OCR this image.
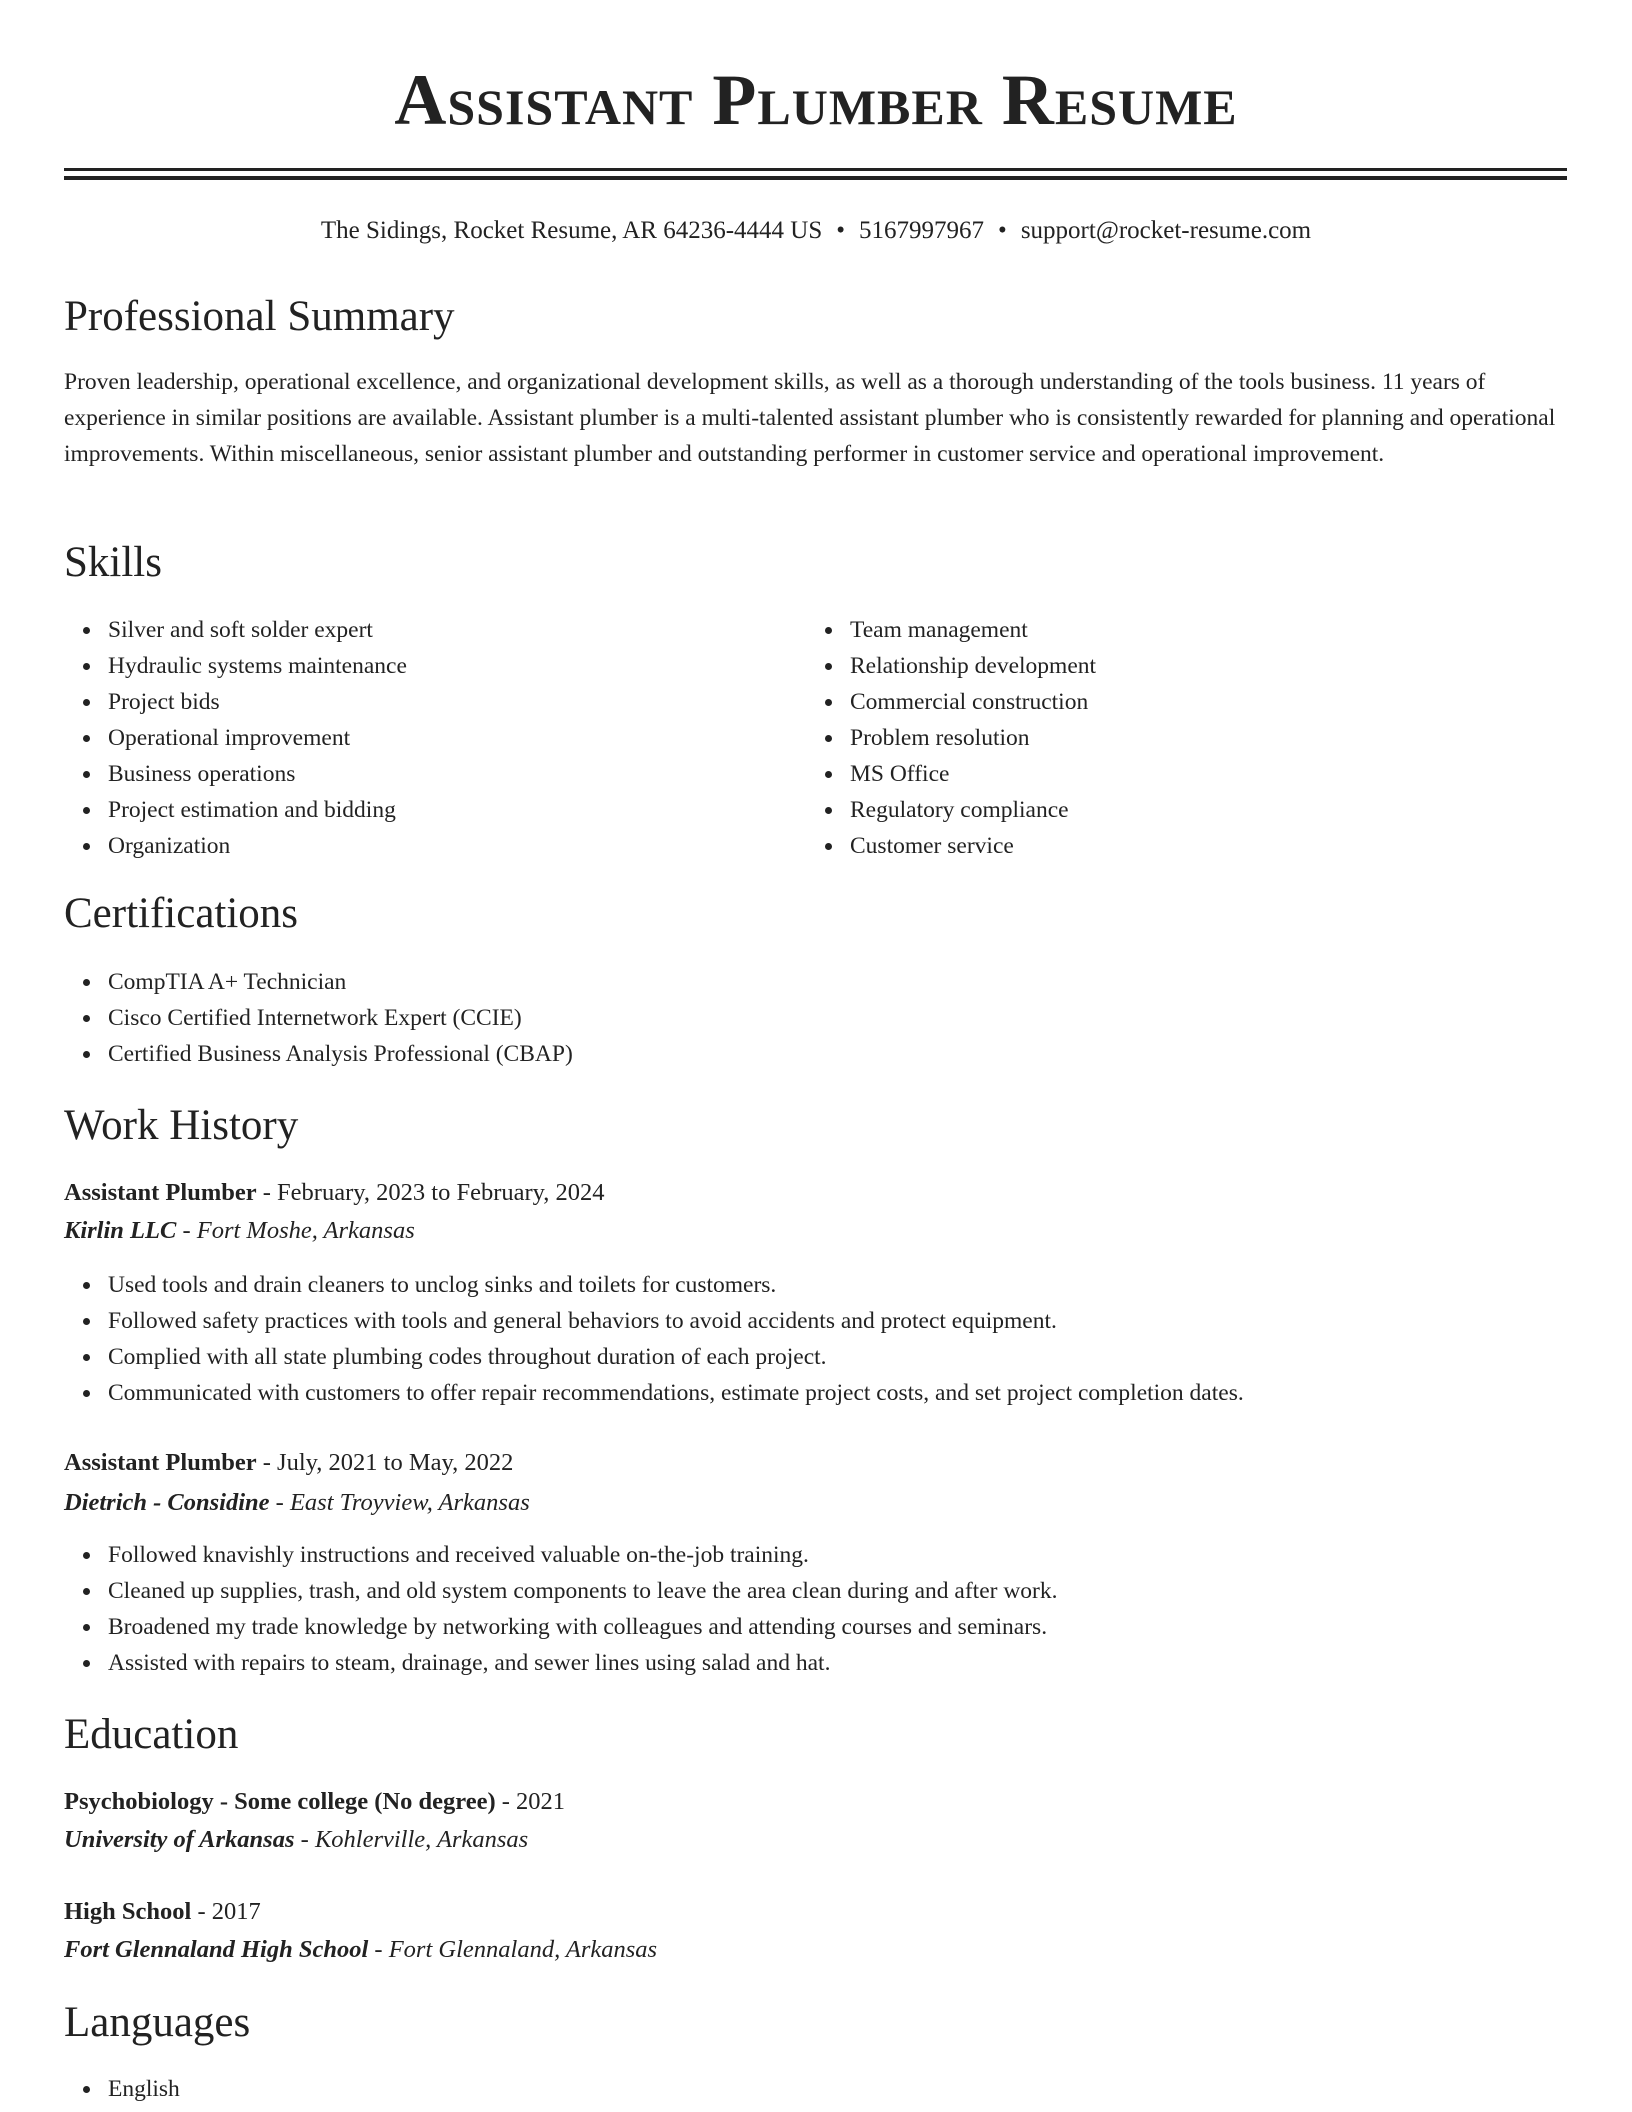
Assistant Plumber Resume
The Sidings, Rocket Resume, AR 64236-4444 US • 5167997967 • support@rocket-resume.com
Professional Summary

Proven leadership, operational excellence, and organizational development skills, as well as a thorough understanding of the tools business. 11 years of experience in similar positions are available. Assistant plumber is a multi-talented assistant plumber who is consistently rewarded for planning and operational improvements. Within miscellaneous, senior assistant plumber and outstanding performer in customer service and operational improvement.

Skills
Silver and soft solder expert
Hydraulic systems maintenance
Project bids
Operational improvement
Business operations
Project estimation and bidding
Organization
Team management
Relationship development
Commercial construction
Problem resolution
MS Office
Regulatory compliance
Customer service
Certifications
CompTIA A+ Technician
Cisco Certified Internetwork Expert (CCIE)
Certified Business Analysis Professional (CBAP)
Work History
Assistant Plumber - February, 2023 to February, 2024
Kirlin LLC - Fort Moshe, Arkansas
Used tools and drain cleaners to unclog sinks and toilets for customers.
Followed safety practices with tools and general behaviors to avoid accidents and protect equipment.
Complied with all state plumbing codes throughout duration of each project.
Communicated with customers to offer repair recommendations, estimate project costs, and set project completion dates.
Assistant Plumber - July, 2021 to May, 2022
Dietrich - Considine - East Troyview, Arkansas
Followed knavishly instructions and received valuable on-the-job training.
Cleaned up supplies, trash, and old system components to leave the area clean during and after work.
Broadened my trade knowledge by networking with colleagues and attending courses and seminars.
Assisted with repairs to steam, drainage, and sewer lines using salad and hat.
Education
Psychobiology - Some college (No degree) - 2021
University of Arkansas - Kohlerville, Arkansas
High School - 2017
Fort Glennaland High School - Fort Glennaland, Arkansas
Languages
English
